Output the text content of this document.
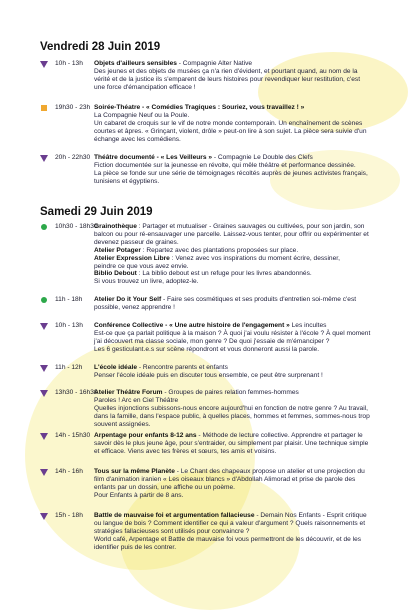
Vendredi 28 Juin 2019
Samedi 29 Juin 2019
10h - 13h Objets d'ailleurs sensibles - Compagnie Alter Native
Des jeunes et des objets de musées ça n'a rien d'évident, et pourtant quand, au nom de la
vérité et de la justice ils s'emparent de leurs histoires pour revendiquer leur restitution, c'est
une force d'émancipation efficace !
19h30 - 23h Soirée-Théatre - « Comédies Tragiques : Souriez, vous travaillez ! »
La Compagnie Neuf ou la Poule.
Un cabaret de croquis sur le vif de notre monde contemporain. Un enchaînement de scènes
courtes et âpres. « Grinçant, violent, drôle » peut-on lire à son sujet. La pièce sera suivie d'un
échange avec les comédiens.
20h - 22h30 Théâtre documenté - « Les Veilleurs » - Compagnie Le Double des Clefs
Fiction documentée sur la jeunesse en révolte, qui mêle théâtre et performance dessinée.
La pièce se fonde sur une série de témoignages récoltés auprès de jeunes activistes français,
tunisiens et égyptiens.
10h30 - 18h30
Grainothèque : Partager et mutualiser - Graines sauvages ou cultivées, pour son jardin, son
balcon ou pour ré-ensauvager une parcelle. Laissez-vous tenter, pour offrir ou expérimenter et
devenez passeur de graines.
Atelier Potager : Repartez avec des plantations proposées sur place.
Atelier Expression Libre : Venez avec vos inspirations du moment écrire, dessiner,
peindre ce que vous avez envie.
Biblio Debout : La biblio debout est un refuge pour les livres abandonnés.
Si vous trouvez un livre, adoptez-le.
11h - 18h Atelier Do it Your Self - Faire ses cosmétiques et ses produits d'entretien soi-même c'est
possible, venez apprendre !
10h - 13h Conférence Collective - « Une autre histoire de l'engagement » Les incultes
Est-ce que ça parlait politique à la maison ? À quoi j'ai voulu résister à l'école ? À quel moment
j'ai découvert ma classe sociale, mon genre ? De quoi j'essaie de m'émanciper ?
Les 6 gesticulant.e.s sur scène répondront et vous donneront aussi la parole.
11h - 12h L'école idéale - Rencontre parents et enfants
Penser l'école idéale puis en discuter tous ensemble, ce peut être surprenant !
13h30 - 16h30
Atelier Théâtre Forum - Groupes de paires relation femmes-hommes
Paroles ! Arc en Ciel Théâtre
Quelles injonctions subissons-nous encore aujourd'hui en fonction de notre genre ? Au travail,
dans la famille, dans l'espace public, à quelles places, hommes et femmes, sommes-nous trop
souvent assignées.
14h - 15h30 Arpentage pour enfants 8-12 ans - Méthode de lecture collective. Apprendre et partager le
savoir dès le plus jeune âge, pour s'entraider, ou simplement par plaisir. Une technique simple
et efficace. Viens avec tes frères et sœurs, tes amis et voisins.
14h - 16h Tous sur la même Planète - Le Chant des chapeaux propose un atelier et une projection du
film d'animation iranien « Les oiseaux blancs » d'Abdollah Alimorad et prise de parole des
enfants par un dossin, une affiche ou un poème.
Pour Enfants à partir de 8 ans.
15h - 18h Battle de mauvaise foi et argumentation fallacieuse - Demain Nos Enfants - Esprit critique
ou langue de bois ? Comment identifier ce qui a valeur d'argument ? Quels raisonnements et
stratégies fallacieuses sont utilisés pour convaincre ?
World café, Arpentage et Battle de mauvaise foi vous permettront de les découvrir, et de les
identifier puis de les contrer.
